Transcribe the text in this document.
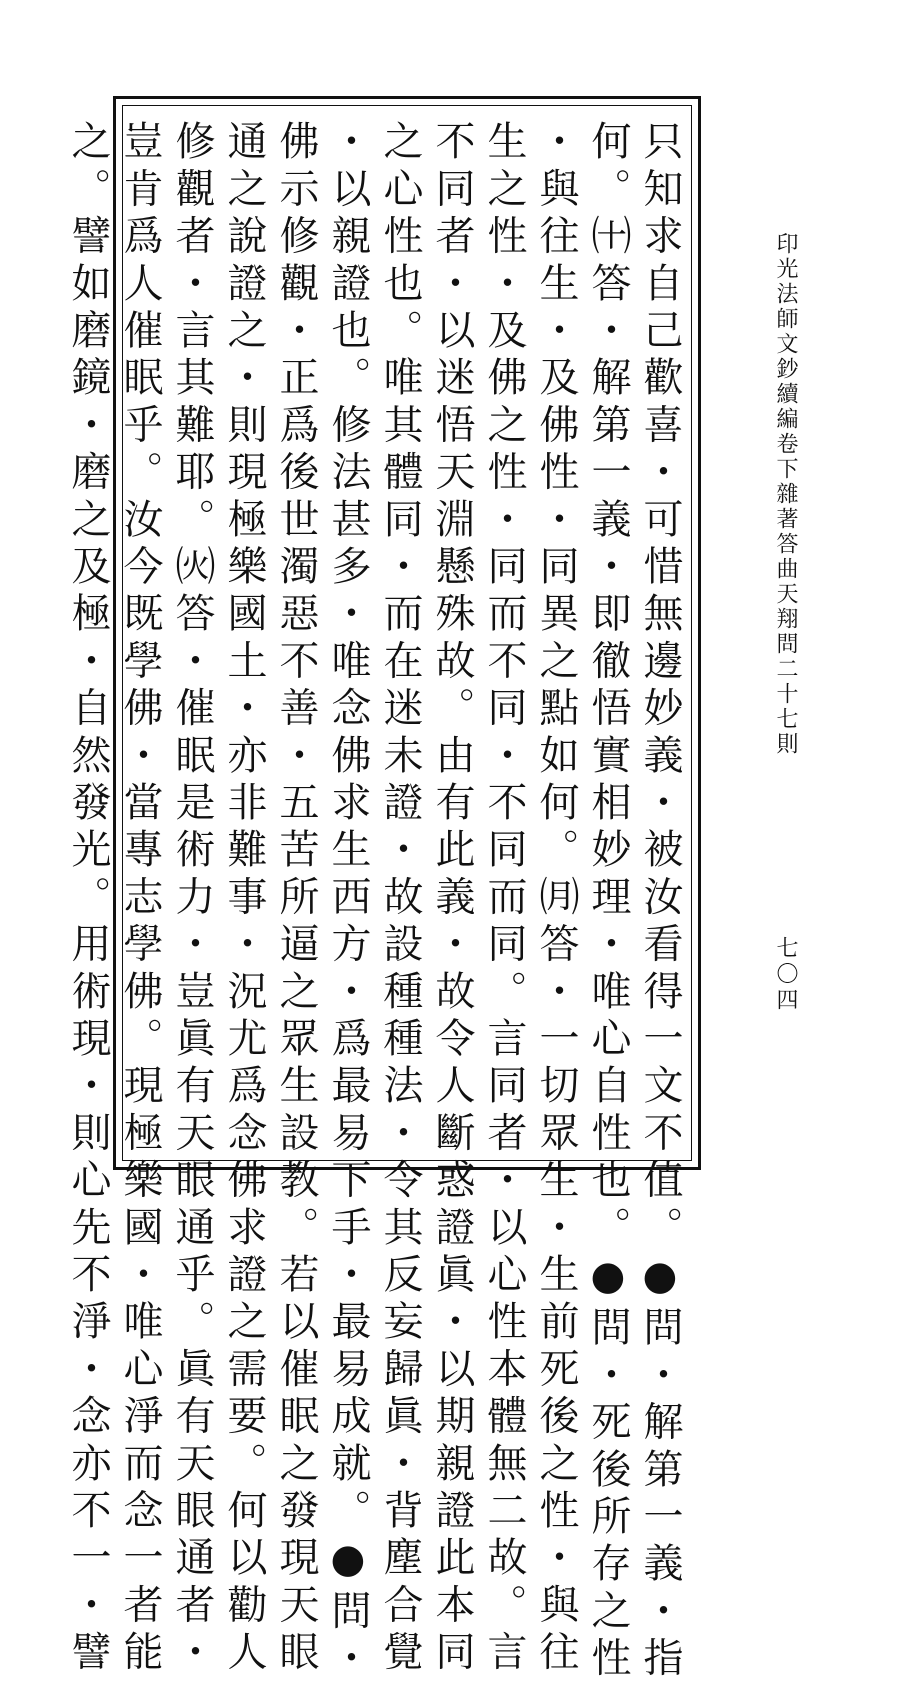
印光法師文鈔續編卷下雜著答曲天翔問二十七則
七〇四
只知求自己歡喜・可惜無邊妙義・被汝看得一文不值。●問・解第一義・指
何。㈩答・解第一義・即徹悟實相妙理・唯心自性也。●問・死後所存之性
・與往生・及佛性・同異之點如何。㈪答・一切眾生・生前死後之性・與往
生之性・及佛之性・同而不同・不同而同。言同者・以心性本體無二故。言
不同者・以迷悟天淵懸殊故。由有此義・故令人斷惑證眞・以期親證此本同
之心性也。唯其體同・而在迷未證・故設種種法・令其反妄歸眞・背塵合覺
・以親證也。修法甚多・唯念佛求生西方・爲最易下手・最易成就。●問・
佛示修觀・正爲後世濁惡不善・五苦所逼之眾生設教。若以催眠之發現天眼
通之說證之・則現極樂國土・亦非難事・況尤爲念佛求證之需要。何以勸人
修觀者・言其難耶。㈫答・催眠是術力・豈眞有天眼通乎。眞有天眼通者・
豈肯爲人催眠乎。汝今既學佛・當專志學佛。現極樂國・唯心淨而念一者能
之。譬如磨鏡・磨之及極・自然發光。用術現・則心先不淨・念亦不一・譬
